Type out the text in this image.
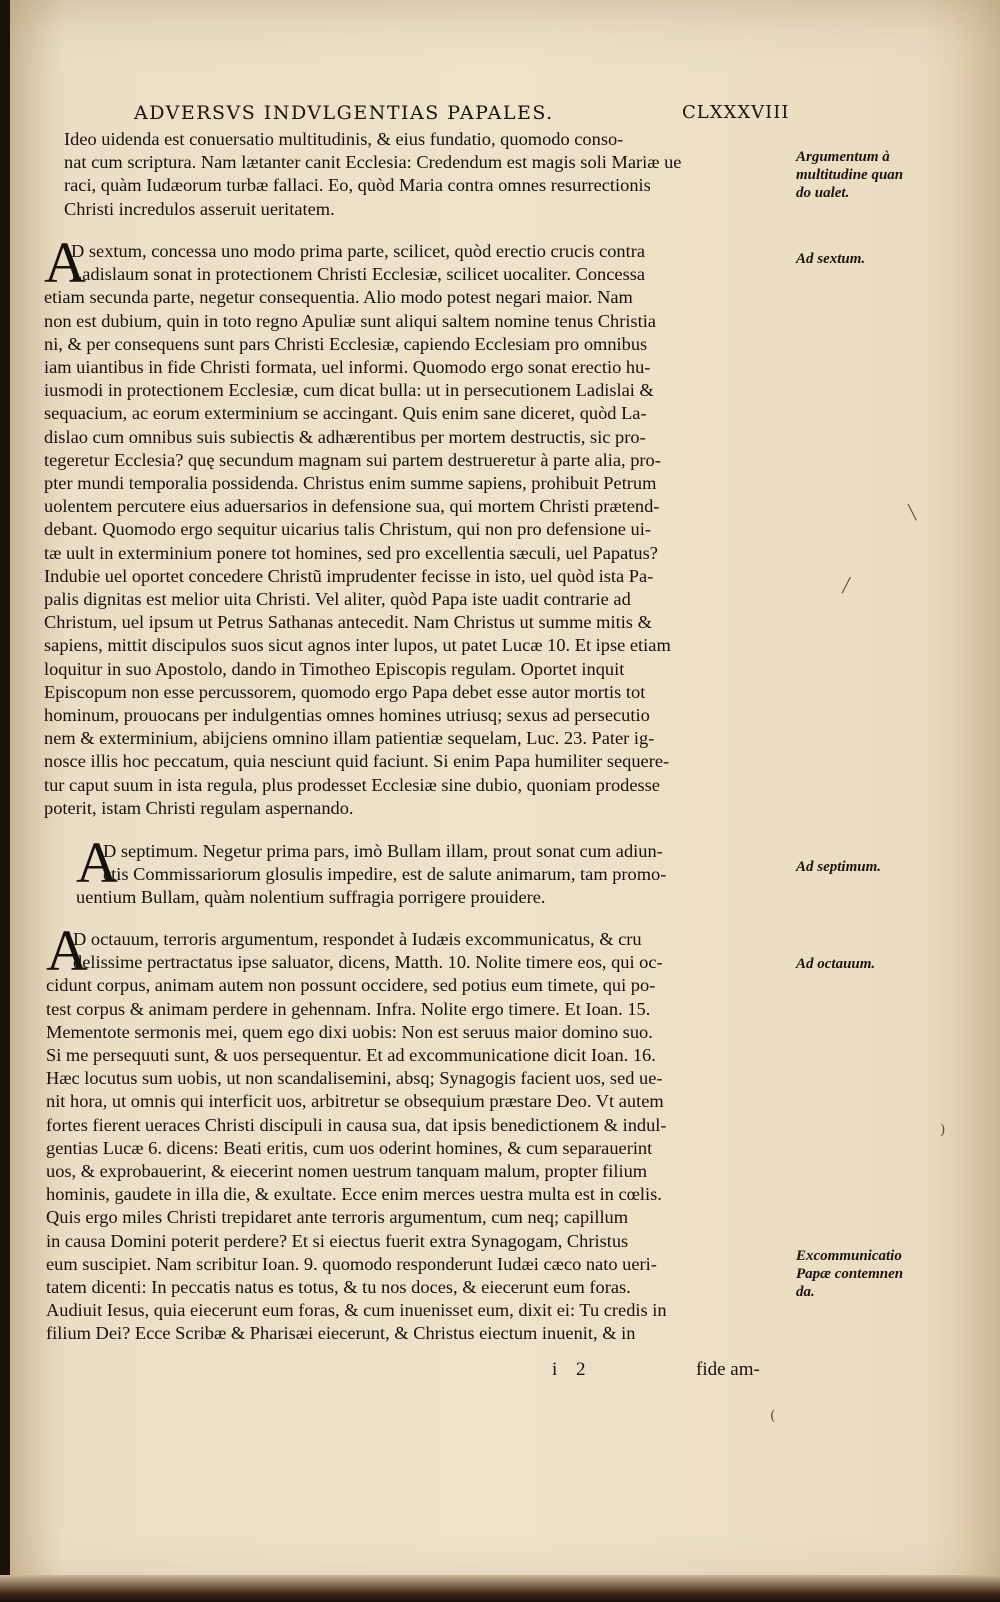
ADVERSVS INDVLGENTIAS PAPALES.	CLXXXVIII
Ideo uidenda est conuersatio multitudinis, & eius fundatio, quomodo conso-
nat cum scriptura. Nam lætanter canit Ecclesia: Credendum est magis soli Mariæ ue
raci, quàm Iudæorum turbæ fallaci. Eo, quòd Maria contra omnes resurrectionis
Christi incredulos asseruit ueritatem.
A
D sextum, concessa uno modo prima parte, scilicet, quòd erectio crucis contra
Ladislaum sonat in protectionem Christi Ecclesiæ, scilicet uocaliter. Concessa
etiam secunda parte, negetur consequentia. Alio modo potest negari maior. Nam
non est dubium, quin in toto regno Apuliæ sunt aliqui saltem nomine tenus Christia
ni, & per consequens sunt pars Christi Ecclesiæ, capiendo Ecclesiam pro omnibus
iam uiantibus in fide Christi formata, uel informi. Quomodo ergo sonat erectio hu-
iusmodi in protectionem Ecclesiæ, cum dicat bulla: ut in persecutionem Ladislai &
sequacium, ac eorum exterminium se accingant. Quis enim sane diceret, quòd La-
dislao cum omnibus suis subiectis & adhærentibus per mortem destructis, sic pro-
tegeretur Ecclesia? quę secundum magnam sui partem destrueretur à parte alia, pro-
pter mundi temporalia possidenda. Christus enim summe sapiens, prohibuit Petrum
uolentem percutere eius aduersarios in defensione sua, qui mortem Christi prætend-
debant. Quomodo ergo sequitur uicarius talis Christum, qui non pro defensione ui-
tæ uult in exterminium ponere tot homines, sed pro excellentia sæculi, uel Papatus?
Indubie uel oportet concedere Christũ imprudenter fecisse in isto, uel quòd ista Pa-
palis dignitas est melior uita Christi. Vel aliter, quòd Papa iste uadit contrarie ad
Christum, uel ipsum ut Petrus Sathanas antecedit. Nam Christus ut summe mitis &
sapiens, mittit discipulos suos sicut agnos inter lupos, ut patet Lucæ 10. Et ipse etiam
loquitur in suo Apostolo, dando in Timotheo Episcopis regulam. Oportet inquit
Episcopum non esse percussorem, quomodo ergo Papa debet esse autor mortis tot
hominum, prouocans per indulgentias omnes homines utriusq; sexus ad persecutio
nem & exterminium, abijciens omnino illam patientiæ sequelam, Luc. 23. Pater ig-
nosce illis hoc peccatum, quia nesciunt quid faciunt. Si enim Papa humiliter sequere-
tur caput suum in ista regula, plus prodesset Ecclesiæ sine dubio, quoniam prodesse
poterit, istam Christi regulam aspernando.
A
D septimum. Negetur prima pars, imò Bullam illam, prout sonat cum adiun-
ctis Commissariorum glosulis impedire, est de salute animarum, tam promo-
uentium Bullam, quàm nolentium suffragia porrigere prouidere.
A
D octauum, terroris argumentum, respondet à Iudæis excommunicatus, & cru
delissime pertractatus ipse saluator, dicens, Matth. 10. Nolite timere eos, qui oc-
cidunt corpus, animam autem non possunt occidere, sed potius eum timete, qui po-
test corpus & animam perdere in gehennam. Infra. Nolite ergo timere. Et Ioan. 15.
Mementote sermonis mei, quem ego dixi uobis: Non est seruus maior domino suo.
Si me persequuti sunt, & uos persequentur. Et ad excommunicatione dicit Ioan. 16.
Hæc locutus sum uobis, ut non scandalisemini, absq; Synagogis facient uos, sed ue-
nit hora, ut omnis qui interficit uos, arbitretur se obsequium præstare Deo. Vt autem
fortes fierent ueraces Christi discipuli in causa sua, dat ipsis benedictionem & indul-
gentias Lucæ 6. dicens: Beati eritis, cum uos oderint homines, & cum separauerint
uos, & exprobauerint, & eiecerint nomen uestrum tanquam malum, propter filium
hominis, gaudete in illa die, & exultate. Ecce enim merces uestra multa est in cœlis.
Quis ergo miles Christi trepidaret ante terroris argumentum, cum neq; capillum
in causa Domini poterit perdere? Et si eiectus fuerit extra Synagogam, Christus
eum suscipiet. Nam scribitur Ioan. 9. quomodo responderunt Iudæi cæco nato ueri-
tatem dicenti: In peccatis natus es totus, & tu nos doces, & eiecerunt eum foras.
Audiuit Iesus, quia eiecerunt eum foras, & cum inuenisset eum, dixit ei: Tu credis in
filium Dei? Ecce Scribæ & Pharisæi eiecerunt, & Christus eiectum inuenit, & in
i 2	fide am-
Argumentum à multitudine quan do ualet.
Ad sextum.
Ad septimum.
Ad octauum.
Excommunicatio Papæ contemnen da.
╲
╱
)
(
